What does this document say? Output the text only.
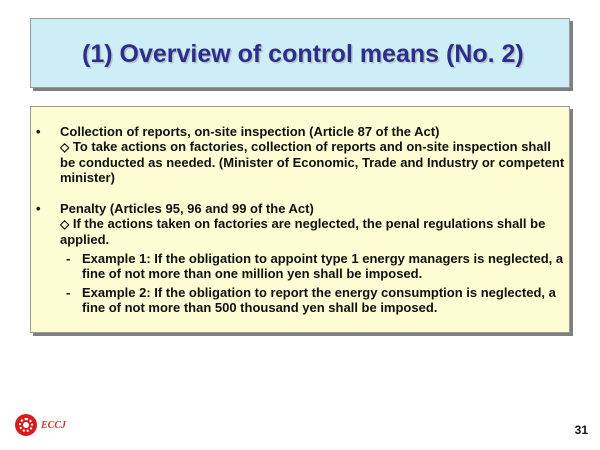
(1) Overview of control means (No. 2)
• Collection of reports, on-site inspection (Article 87 of the Act)
◇ To take actions on factories, collection of reports and on-site inspection shall be conducted as needed. (Minister of Economic, Trade and Industry or competent minister)
• Penalty (Articles 95, 96 and 99 of the Act)
◇ If the actions taken on factories are neglected, the penal regulations shall be applied.
- Example 1: If the obligation to appoint type 1 energy managers is neglected, a fine of not more than one million yen shall be imposed.
- Example 2: If the obligation to report the energy consumption is neglected, a fine of not more than 500 thousand yen shall be imposed.
ECCJ	31
